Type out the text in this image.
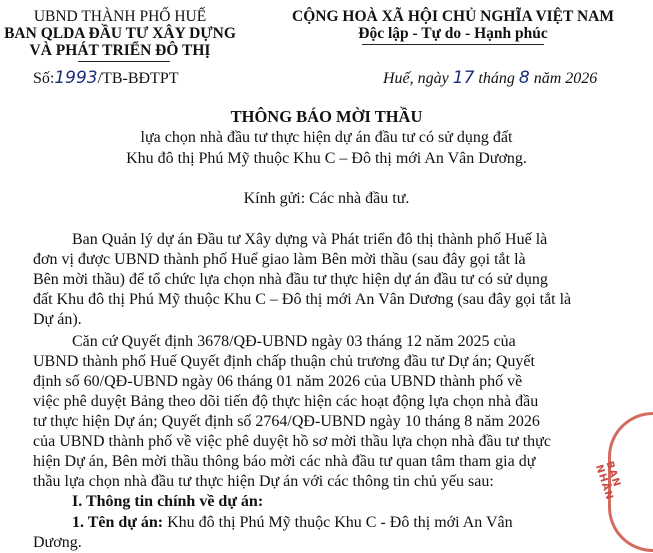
UBND THÀNH PHỐ HUẾ
BAN QLDA ĐẦU TƯ XÂY DỰNG
VÀ PHÁT TRIỂN ĐÔ THỊ
CỘNG HOÀ XÃ HỘI CHỦ NGHĨA VIỆT NAM
Độc lập - Tự do - Hạnh phúc
Số:1993/TB-BĐTPT	Huế, ngày 17 tháng 8 năm 2026
THÔNG BÁO MỜI THẦU
lựa chọn nhà đầu tư thực hiện dự án đầu tư có sử dụng đất
Khu đô thị Phú Mỹ thuộc Khu C – Đô thị mới An Vân Dương.
Kính gửi: Các nhà đầu tư.
Ban Quản lý dự án Đầu tư Xây dựng và Phát triển đô thị thành phố Huế là
đơn vị được UBND thành phố Huế giao làm Bên mời thầu (sau đây gọi tắt là
Bên mời thầu) để tổ chức lựa chọn nhà đầu tư thực hiện dự án đầu tư có sử dụng
đất Khu đô thị Phú Mỹ thuộc Khu C – Đô thị mới An Vân Dương (sau đây gọi tắt là
Dự án).
Căn cứ Quyết định 3678/QĐ-UBND ngày 03 tháng 12 năm 2025 của
UBND thành phố Huế Quyết định chấp thuận chủ trương đầu tư Dự án; Quyết
định số 60/QĐ-UBND ngày 06 tháng 01 năm 2026 của UBND thành phố về
việc phê duyệt Bảng theo dõi tiến độ thực hiện các hoạt động lựa chọn nhà đầu
tư thực hiện Dự án; Quyết định số 2764/QĐ-UBND ngày 10 tháng 8 năm 2026
của UBND thành phố về việc phê duyệt hồ sơ mời thầu lựa chọn nhà đầu tư thực
hiện Dự án, Bên mời thầu thông báo mời các nhà đầu tư quan tâm tham gia dự
thầu lựa chọn nhà đầu tư thực hiện Dự án với các thông tin chủ yếu sau:
I. Thông tin chính về dự án:
1. Tên dự án: Khu đô thị Phú Mỹ thuộc Khu C - Đô thị mới An Vân
Dương.
BAN NHÂN
